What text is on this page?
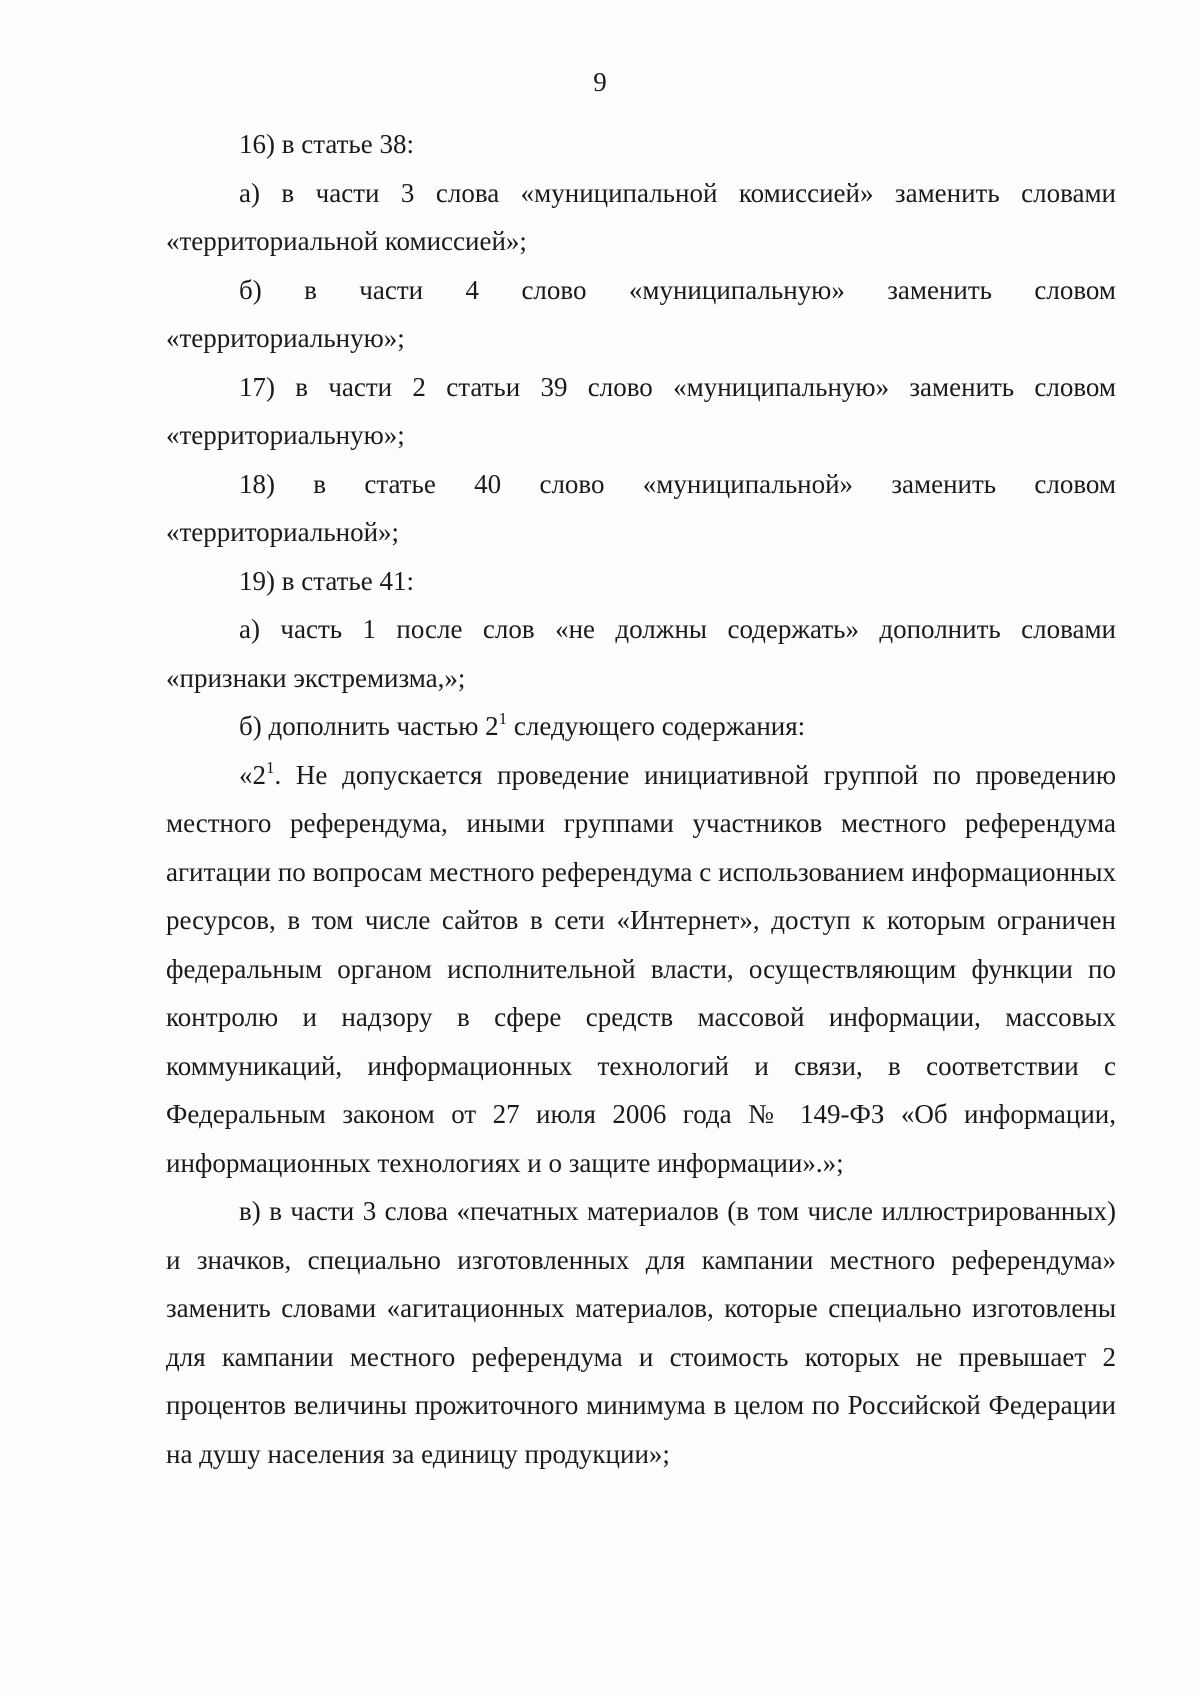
9

16) в статье 38:

а) в части 3 слова «муниципальной комиссией» заменить словами

«территориальной комиссией»;

б) в части 4 слово «муниципальную» заменить словом

«территориальную»;

17) в части 2 статьи 39 слово «муниципальную» заменить словом

«территориальную»;

18) в статье 40 слово «муниципальной» заменить словом

«территориальной»;

19) в статье 41:

а) часть 1 после слов «не должны содержать» дополнить словами

«признаки экстремизма,»;

б) дополнить частью $2^1$ следующего содержания:

«$2^1$. Не допускается проведение инициативной группой по проведению местного референдума, иными группами участников местного референдума агитации по вопросам местного референдума с использованием информационных ресурсов, в том числе сайтов в сети «Интернет», доступ к которым ограничен федеральным органом исполнительной власти, осуществляющим функции по контролю и надзору в сфере средств массовой информации, массовых коммуникаций, информационных технологий и связи, в соответствии с Федеральным законом от 27 июля 2006 года № 149-ФЗ «Об информации, информационных технологиях и о защите информации».»;

в) в части 3 слова «печатных материалов (в том числе иллюстрированных) и значков, специально изготовленных для кампании местного референдума» заменить словами «агитационных материалов, которые специально изготовлены для кампании местного референдума и стоимость которых не превышает 2 процентов величины прожиточного минимума в целом по Российской Федерации на душу населения за единицу продукции»;
